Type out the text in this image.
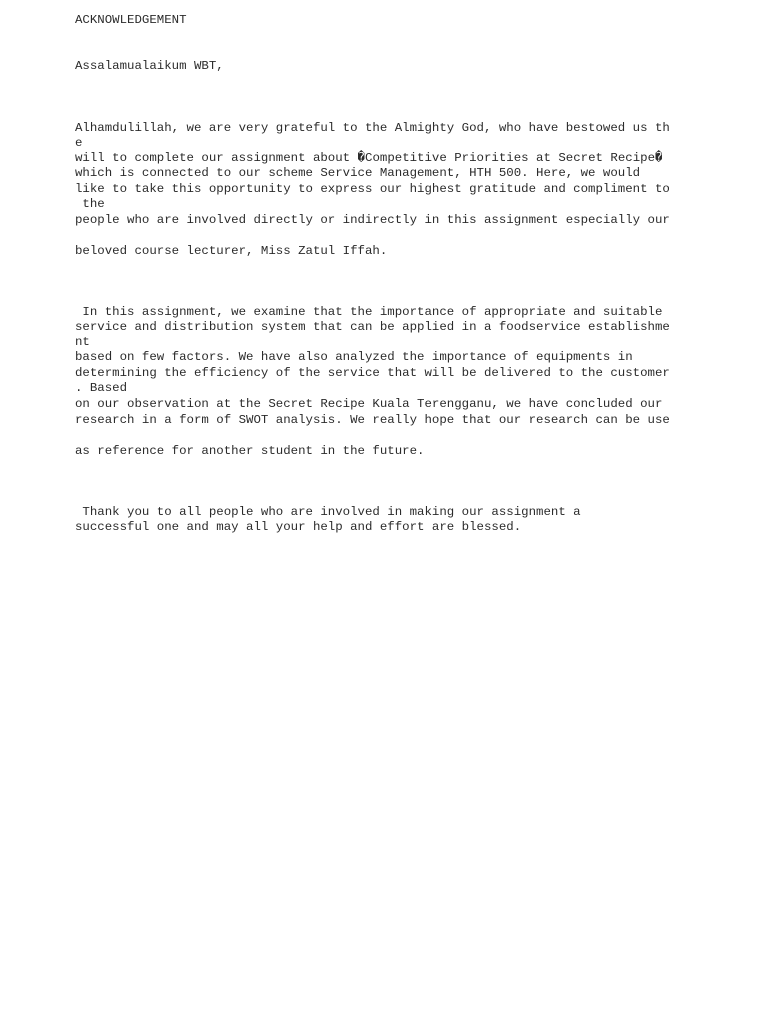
ACKNOWLEDGEMENT

Assalamualaikum WBT,

Alhamdulillah, we are very grateful to the Almighty God, who have bestowed us th

e

will to complete our assignment about �Competitive Priorities at Secret Recipe�

which is connected to our scheme Service Management, HTH 500. Here, we would

like to take this opportunity to express our highest gratitude and compliment to

the

people who are involved directly or indirectly in this assignment especially our

beloved course lecturer, Miss Zatul Iffah.

In this assignment, we examine that the importance of appropriate and suitable

service and distribution system that can be applied in a foodservice establishme

nt

based on few factors. We have also analyzed the importance of equipments in

determining the efficiency of the service that will be delivered to the customer

. Based

on our observation at the Secret Recipe Kuala Terengganu, we have concluded our

research in a form of SWOT analysis. We really hope that our research can be use

as reference for another student in the future.

Thank you to all people who are involved in making our assignment a

successful one and may all your help and effort are blessed.
